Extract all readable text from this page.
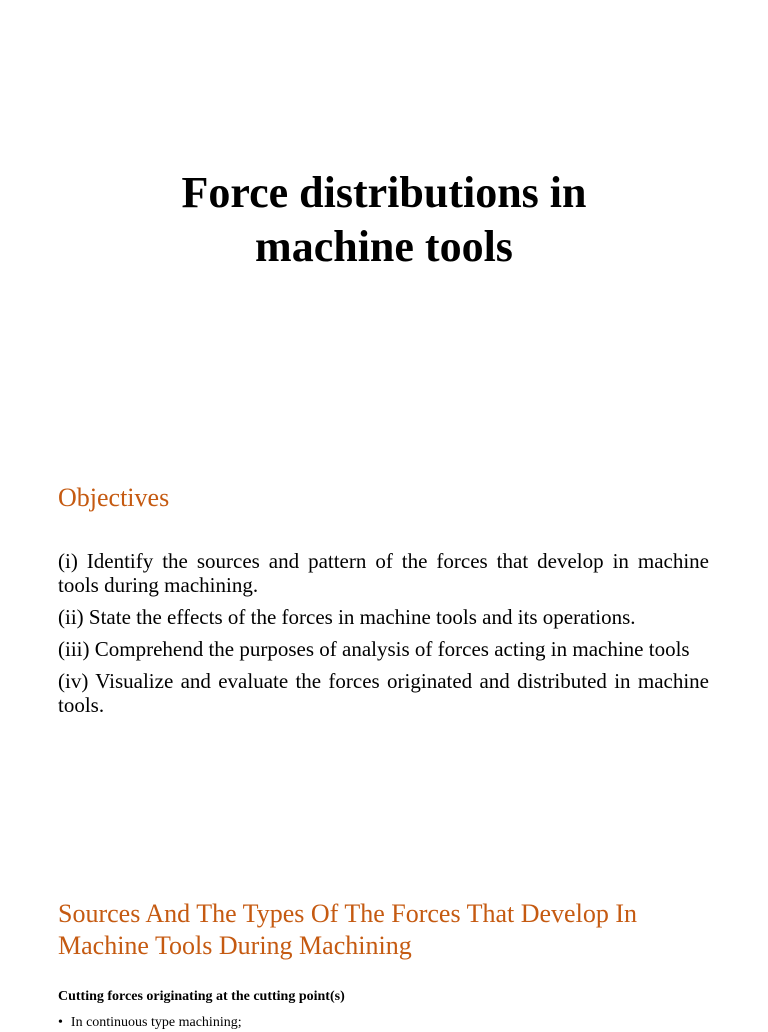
Force distributions in
machine tools
Objectives
(i) Identify the sources and pattern of the forces that develop in machine tools during machining.
(ii) State the effects of the forces in machine tools and its operations.
(iii) Comprehend the purposes of analysis of forces acting in machine tools
(iv) Visualize and evaluate the forces originated and distributed in machine tools.
Sources And The Types Of The Forces That Develop In Machine Tools During Machining

Cutting forces originating at the cutting point(s)

• In continuous type machining;
